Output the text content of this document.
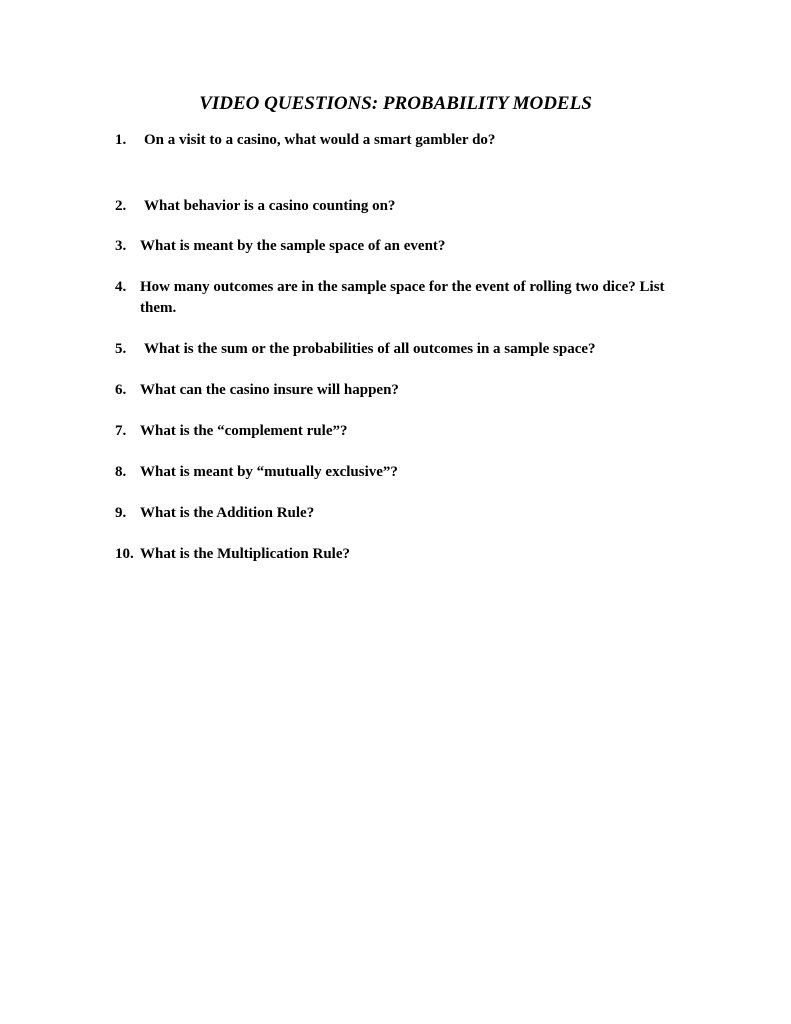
VIDEO QUESTIONS: PROBABILITY MODELS
1. On a visit to a casino, what would a smart gambler do?
2. What behavior is a casino counting on?
3. What is meant by the sample space of an event?
4. How many outcomes are in the sample space for the event of rolling two dice? List them.
5. What is the sum or the probabilities of all outcomes in a sample space?
6. What can the casino insure will happen?
7. What is the “complement rule”?
8. What is meant by “mutually exclusive”?
9. What is the Addition Rule?
10. What is the Multiplication Rule?
